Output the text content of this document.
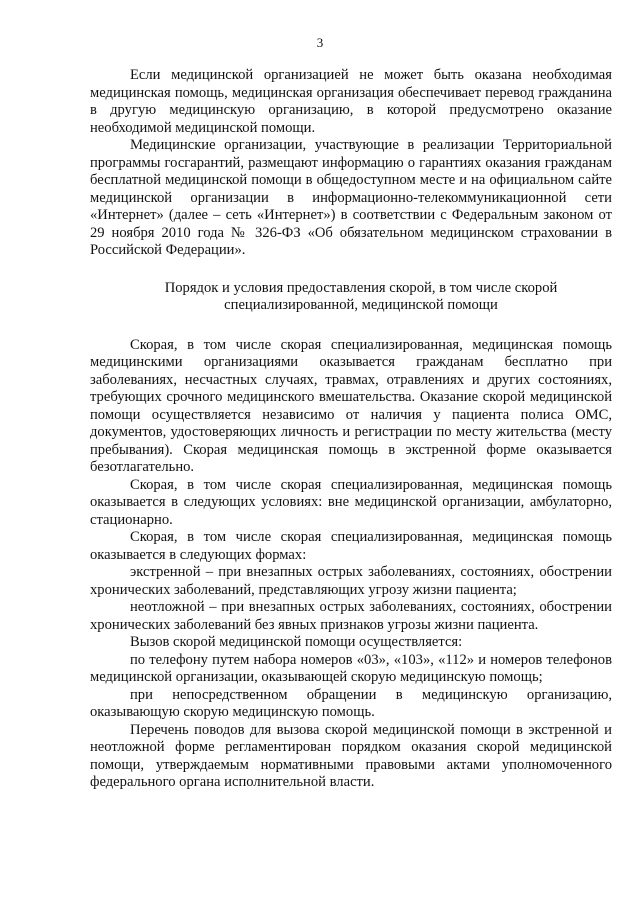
3

Если медицинской организацией не может быть оказана необходимая медицинская помощь, медицинская организация обеспечивает перевод гражданина в другую медицинскую организацию, в которой предусмотрено оказание необходимой медицинской помощи.

Медицинские организации, участвующие в реализации Территориальной программы госгарантий, размещают информацию о гарантиях оказания гражданам бесплатной медицинской помощи в общедоступном месте и на официальном сайте медицинской организации в информационно-телекоммуникационной сети «Интернет» (далее – сеть «Интернет») в соответствии с Федеральным законом от 29 ноября 2010 года № 326-ФЗ «Об обязательном медицинском страховании в Российской Федерации».

Порядок и условия предоставления скорой, в том числе скорой специализированной, медицинской помощи

Скорая, в том числе скорая специализированная, медицинская помощь медицинскими организациями оказывается гражданам бесплатно при заболеваниях, несчастных случаях, травмах, отравлениях и других состояниях, требующих срочного медицинского вмешательства. Оказание скорой медицинской помощи осуществляется независимо от наличия у пациента полиса ОМС, документов, удостоверяющих личность и регистрации по месту жительства (месту пребывания). Скорая медицинская помощь в экстренной форме оказывается безотлагательно.

Скорая, в том числе скорая специализированная, медицинская помощь оказывается в следующих условиях: вне медицинской организации, амбулаторно, стационарно.

Скорая, в том числе скорая специализированная, медицинская помощь оказывается в следующих формах:

экстренной – при внезапных острых заболеваниях, состояниях, обострении хронических заболеваний, представляющих угрозу жизни пациента;

неотложной – при внезапных острых заболеваниях, состояниях, обострении хронических заболеваний без явных признаков угрозы жизни пациента.

Вызов скорой медицинской помощи осуществляется:

по телефону путем набора номеров «03», «103», «112» и номеров телефонов медицинской организации, оказывающей скорую медицинскую помощь;

при непосредственном обращении в медицинскую организацию, оказывающую скорую медицинскую помощь.

Перечень поводов для вызова скорой медицинской помощи в экстренной и неотложной форме регламентирован порядком оказания скорой медицинской помощи, утверждаемым нормативными правовыми актами уполномоченного федерального органа исполнительной власти.
